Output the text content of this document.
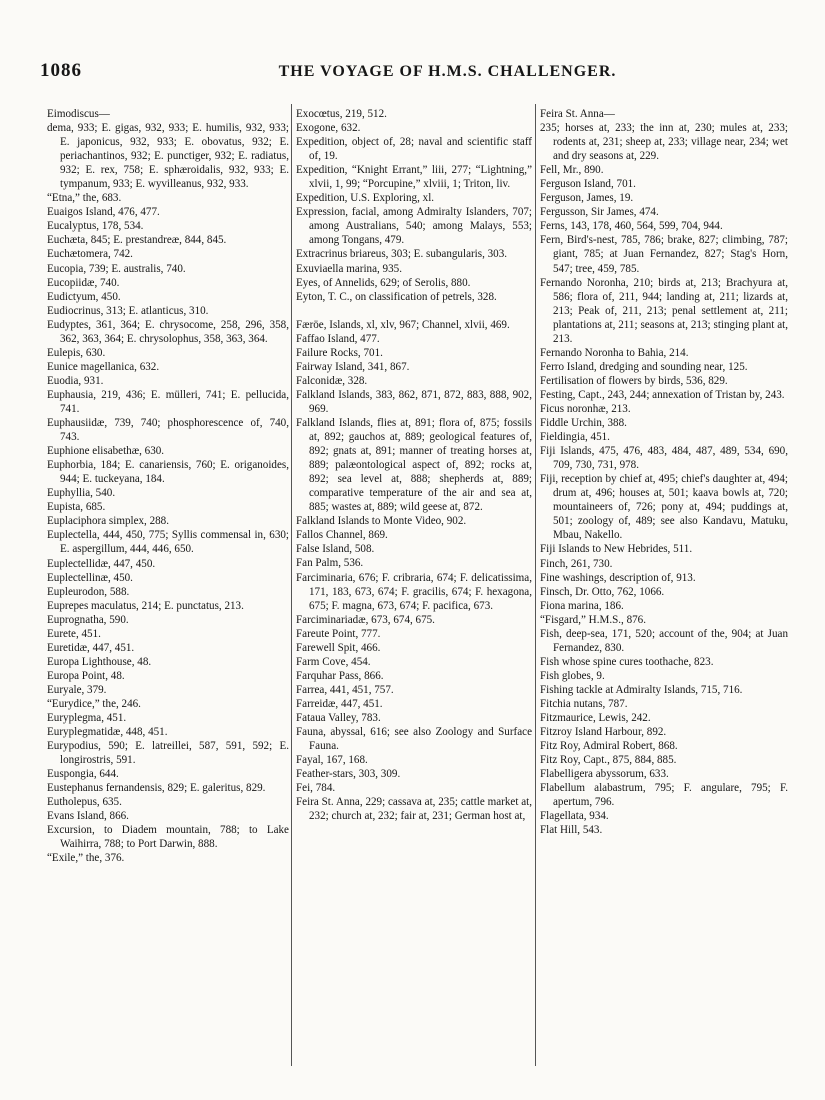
1086	THE VOYAGE OF H.M.S. CHALLENGER.
Eimodiscus—
dema, 933; E. gigas, 932, 933; E. humilis, 932, 933; E. japonicus, 932, 933; E. obovatus, 932; E. periachantinos, 932; E. punctiger, 932; E. radiatus, 932; E. rex, 758; E. sphæroidalis, 932, 933; E. tympanum, 933; E. wyvilleanus, 932, 933.
“Etna,” the, 683.
Euaigos Island, 476, 477.
Eucalyptus, 178, 534.
Euchæta, 845; E. prestandreæ, 844, 845.
Euchætomera, 742.
Eucopia, 739; E. australis, 740.
Eucopiidæ, 740.
Eudictyum, 450.
Eudiocrinus, 313; E. atlanticus, 310.
Eudyptes, 361, 364; E. chrysocome, 258, 296, 358, 362, 363, 364; E. chrysolophus, 358, 363, 364.
Eulepis, 630.
Eunice magellanica, 632.
Euodia, 931.
Euphausia, 219, 436; E. mülleri, 741; E. pellucida, 741.
Euphausiidæ, 739, 740; phosphorescence of, 740, 743.
Euphione elisabethæ, 630.
Euphorbia, 184; E. canariensis, 760; E. origanoides, 944; E. tuckeyana, 184.
Euphyllia, 540.
Eupista, 685.
Euplaciphora simplex, 288.
Euplectella, 444, 450, 775; Syllis commensal in, 630; E. aspergillum, 444, 446, 650.
Euplectellidæ, 447, 450.
Euplectellinæ, 450.
Eupleurodon, 588.
Euprepes maculatus, 214; E. punctatus, 213.
Euprognatha, 590.
Eurete, 451.
Euretidæ, 447, 451.
Europa Lighthouse, 48.
Europa Point, 48.
Euryale, 379.
“Eurydice,” the, 246.
Euryplegma, 451.
Euryplegmatidæ, 448, 451.
Eurypodius, 590; E. latreillei, 587, 591, 592; E. longirostris, 591.
Euspongia, 644.
Eustephanus fernandensis, 829; E. galeritus, 829.
Eutholepus, 635.
Evans Island, 866.
Excursion, to Diadem mountain, 788; to Lake Waihirra, 788; to Port Darwin, 888.
“Exile,” the, 376.
Exocœtus, 219, 512.
Exogone, 632.
Expedition, object of, 28; naval and scientific staff of, 19.
Expedition, “Knight Errant,” liii, 277; “Lightning,” xlvii, 1, 99; “Porcupine,” xlviii, 1; Triton, liv.
Expedition, U.S. Exploring, xl.
Expression, facial, among Admiralty Islanders, 707; among Australians, 540; among Malays, 553; among Tongans, 479.
Extracrinus briareus, 303; E. subangularis, 303.
Exuviaella marina, 935.
Eyes, of Annelids, 629; of Serolis, 880.
Eyton, T. C., on classification of petrels, 328.
Færöe, Islands, xl, xlv, 967; Channel, xlvii, 469.
Faffao Island, 477.
Failure Rocks, 701.
Fairway Island, 341, 867.
Falconidæ, 328.
Falkland Islands, 383, 862, 871, 872, 883, 888, 902, 969.
Falkland Islands, flies at, 891; flora of, 875; fossils at, 892; gauchos at, 889; geological features of, 892; gnats at, 891; manner of treating horses at, 889; palæontological aspect of, 892; rocks at, 892; sea level at, 888; shepherds at, 889; comparative temperature of the air and sea at, 885; wastes at, 889; wild geese at, 872.
Falkland Islands to Monte Video, 902.
Fallos Channel, 869.
False Island, 508.
Fan Palm, 536.
Farciminaria, 676; F. cribraria, 674; F. delicatissima, 171, 183, 673, 674; F. gracilis, 674; F. hexagona, 675; F. magna, 673, 674; F. pacifica, 673.
Farciminariadæ, 673, 674, 675.
Fareute Point, 777.
Farewell Spit, 466.
Farm Cove, 454.
Farquhar Pass, 866.
Farrea, 441, 451, 757.
Farreidæ, 447, 451.
Fataua Valley, 783.
Fauna, abyssal, 616; see also Zoology and Surface Fauna.
Fayal, 167, 168.
Feather-stars, 303, 309.
Fei, 784.
Feira St. Anna, 229; cassava at, 235; cattle market at, 232; church at, 232; fair at, 231; German host at,
Feira St. Anna—
235; horses at, 233; the inn at, 230; mules at, 233; rodents at, 231; sheep at, 233; village near, 234; wet and dry seasons at, 229.
Fell, Mr., 890.
Ferguson Island, 701.
Ferguson, James, 19.
Fergusson, Sir James, 474.
Ferns, 143, 178, 460, 564, 599, 704, 944.
Fern, Bird's-nest, 785, 786; brake, 827; climbing, 787; giant, 785; at Juan Fernandez, 827; Stag's Horn, 547; tree, 459, 785.
Fernando Noronha, 210; birds at, 213; Brachyura at, 586; flora of, 211, 944; landing at, 211; lizards at, 213; Peak of, 211, 213; penal settlement at, 211; plantations at, 211; seasons at, 213; stinging plant at, 213.
Fernando Noronha to Bahia, 214.
Ferro Island, dredging and sounding near, 125.
Fertilisation of flowers by birds, 536, 829.
Festing, Capt., 243, 244; annexation of Tristan by, 243.
Ficus noronhæ, 213.
Fiddle Urchin, 388.
Fieldingia, 451.
Fiji Islands, 475, 476, 483, 484, 487, 489, 534, 690, 709, 730, 731, 978.
Fiji, reception by chief at, 495; chief's daughter at, 494; drum at, 496; houses at, 501; kaava bowls at, 720; mountaineers of, 726; pony at, 494; puddings at, 501; zoology of, 489; see also Kandavu, Matuku, Mbau, Nakello.
Fiji Islands to New Hebrides, 511.
Finch, 261, 730.
Fine washings, description of, 913.
Finsch, Dr. Otto, 762, 1066.
Fiona marina, 186.
“Fisgard,” H.M.S., 876.
Fish, deep-sea, 171, 520; account of the, 904; at Juan Fernandez, 830.
Fish whose spine cures toothache, 823.
Fish globes, 9.
Fishing tackle at Admiralty Islands, 715, 716.
Fitchia nutans, 787.
Fitzmaurice, Lewis, 242.
Fitzroy Island Harbour, 892.
Fitz Roy, Admiral Robert, 868.
Fitz Roy, Capt., 875, 884, 885.
Flabelligera abyssorum, 633.
Flabellum alabastrum, 795; F. angulare, 795; F. apertum, 796.
Flagellata, 934.
Flat Hill, 543.
